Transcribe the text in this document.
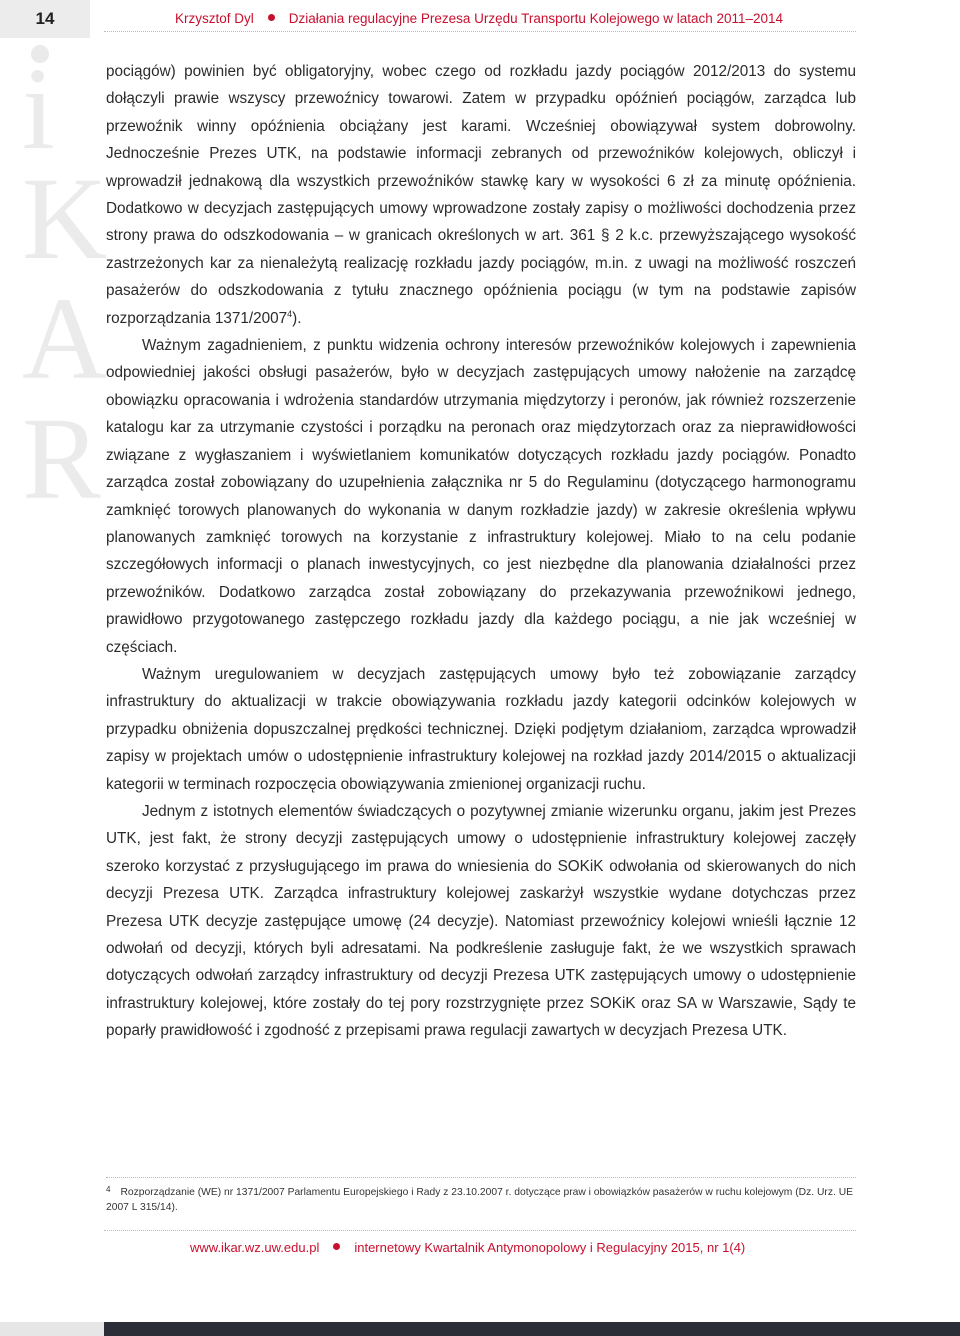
14	Krzysztof Dyl	Działania regulacyjne Prezesa Urzędu Transportu Kolejowego w latach 2011–2014
i
K
A
R

pociągów) powinien być obligatoryjny, wobec czego od rozkładu jazdy pociągów 2012/2013 do systemu dołączyli prawie wszyscy przewoźnicy towarowi. Zatem w przypadku opóźnień pociągów, zarządca lub przewoźnik winny opóźnienia obciążany jest karami. Wcześniej obowiązywał system dobrowolny. Jednocześnie Prezes UTK, na podstawie informacji zebranych od przewoźników kolejowych, obliczył i wprowadził jednakową dla wszystkich przewoźników stawkę kary w wysokości 6 zł za minutę opóźnienia. Dodatkowo w decyzjach zastępujących umowy wprowadzone zostały zapisy o możliwości dochodzenia przez strony prawa do odszkodowania – w granicach określonych w art. 361 § 2 k.c. przewyższającego wysokość zastrzeżonych kar za nienależytą realizację rozkładu jazdy pociągów, m.in. z uwagi na możliwość roszczeń pasażerów do odszkodowania z tytułu znacznego opóźnienia pociągu (w tym na podstawie zapisów rozporządzania 1371/2007$^4$).

Ważnym zagadnieniem, z punktu widzenia ochrony interesów przewoźników kolejowych i zapewnienia odpowiedniej jakości obsługi pasażerów, było w decyzjach zastępujących umowy nałożenie na zarządcę obowiązku opracowania i wdrożenia standardów utrzymania międzytorzy i peronów, jak również rozszerzenie katalogu kar za utrzymanie czystości i porządku na peronach oraz międzytorzach oraz za nieprawidłowości związane z wygłaszaniem i wyświetlaniem komunikatów dotyczących rozkładu jazdy pociągów. Ponadto zarządca został zobowiązany do uzupełnienia załącznika nr 5 do Regulaminu (dotyczącego harmonogramu zamknięć torowych planowanych do wykonania w danym rozkładzie jazdy) w zakresie określenia wpływu planowanych zamknięć torowych na korzystanie z infrastruktury kolejowej. Miało to na celu podanie szczegółowych informacji o planach inwestycyjnych, co jest niezbędne dla planowania działalności przez przewoźników. Dodatkowo zarządca został zobowiązany do przekazywania przewoźnikowi jednego, prawidłowo przygotowanego zastępczego rozkładu jazdy dla każdego pociągu, a nie jak wcześniej w częściach.

Ważnym uregulowaniem w decyzjach zastępujących umowy było też zobowiązanie zarządcy infrastruktury do aktualizacji w trakcie obowiązywania rozkładu jazdy kategorii odcinków kolejowych w przypadku obniżenia dopuszczalnej prędkości technicznej. Dzięki podjętym działaniom, zarządca wprowadził zapisy w projektach umów o udostępnienie infrastruktury kolejowej na rozkład jazdy 2014/2015 o aktualizacji kategorii w terminach rozpoczęcia obowiązywania zmienionej organizacji ruchu.

Jednym z istotnych elementów świadczących o pozytywnej zmianie wizerunku organu, jakim jest Prezes UTK, jest fakt, że strony decyzji zastępujących umowy o udostępnienie infrastruktury kolejowej zaczęły szeroko korzystać z przysługującego im prawa do wniesienia do SOKiK odwołania od skierowanych do nich decyzji Prezesa UTK. Zarządca infrastruktury kolejowej zaskarżył wszystkie wydane dotychczas przez Prezesa UTK decyzje zastępujące umowę (24 decyzje). Natomiast przewoźnicy kolejowi wnieśli łącznie 12 odwołań od decyzji, których byli adresatami. Na podkreślenie zasługuje fakt, że we wszystkich sprawach dotyczących odwołań zarządcy infrastruktury od decyzji Prezesa UTK zastępujących umowy o udostępnienie infrastruktury kolejowej, które zostały do tej pory rozstrzygnięte przez SOKiK oraz SA w Warszawie, Sądy te poparły prawidłowość i zgodność z przepisami prawa regulacji zawartych w decyzjach Prezesa UTK.

$^4$ Rozporządzanie (WE) nr 1371/2007 Parlamentu Europejskiego i Rady z 23.10.2007 r. dotyczące praw i obowiązków pasażerów w ruchu kolejowym (Dz. Urz. UE 2007 L 315/14).
www.ikar.wz.uw.edu.pl	internetowy Kwartalnik Antymonopolowy i Regulacyjny 2015, nr 1(4)
